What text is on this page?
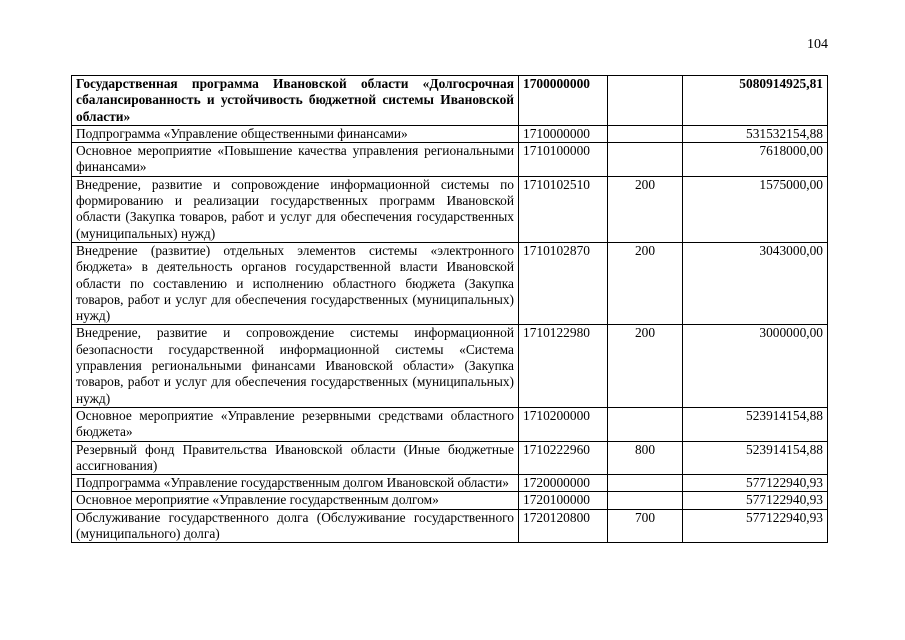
104
Государственная программа Ивановской области «Долгосрочная сбалансированность и устойчивость бюджетной системы Ивановской области»	1700000000		5080914925,81
Подпрограмма «Управление общественными финансами»	1710000000		531532154,88
Основное мероприятие «Повышение качества управления региональными финансами»	1710100000		7618000,00
Внедрение, развитие и сопровождение информационной системы по формированию и реализации государственных программ Ивановской области (Закупка товаров, работ и услуг для обеспечения государственных (муниципальных) нужд)	1710102510	200	1575000,00
Внедрение (развитие) отдельных элементов системы «электронного бюджета» в деятельность органов государственной власти Ивановской области по составлению и исполнению областного бюджета (Закупка товаров, работ и услуг для обеспечения государственных (муниципальных) нужд)	1710102870	200	3043000,00
Внедрение, развитие и сопровождение системы информационной безопасности государственной информационной системы «Система управления региональными финансами Ивановской области» (Закупка товаров, работ и услуг для обеспечения государственных (муниципальных) нужд)	1710122980	200	3000000,00
Основное мероприятие «Управление резервными средствами областного бюджета»	1710200000		523914154,88
Резервный фонд Правительства Ивановской области (Иные бюджетные ассигнования)	1710222960	800	523914154,88
Подпрограмма «Управление государственным долгом Ивановской области»	1720000000		577122940,93
Основное мероприятие «Управление государственным долгом»	1720100000		577122940,93
Обслуживание государственного долга (Обслуживание государственного (муниципального) долга)	1720120800	700	577122940,93
